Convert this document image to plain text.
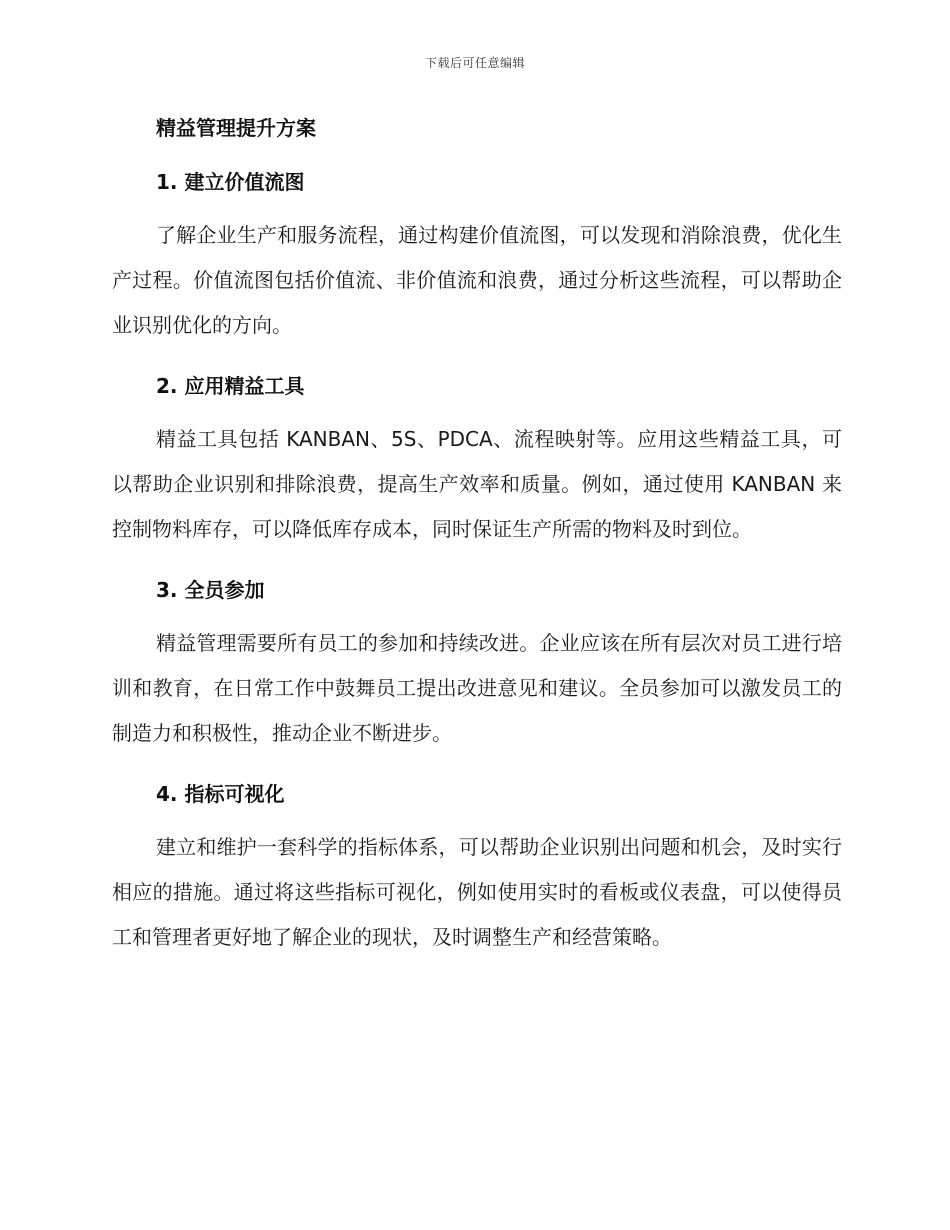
下载后可任意编辑
精益管理提升方案
1. 建立价值流图

了解企业生产和服务流程，通过构建价值流图，可以发现和消除浪费，优化生产过程。价值流图包括价值流、非价值流和浪费，通过分析这些流程，可以帮助企业识别优化的方向。

2. 应用精益工具

精益工具包括 KANBAN、5S、PDCA、流程映射等。应用这些精益工具，可以帮助企业识别和排除浪费，提高生产效率和质量。例如，通过使用 KANBAN 来控制物料库存，可以降低库存成本，同时保证生产所需的物料及时到位。

3. 全员参加

精益管理需要所有员工的参加和持续改进。企业应该在所有层次对员工进行培训和教育，在日常工作中鼓舞员工提出改进意见和建议。全员参加可以激发员工的制造力和积极性，推动企业不断进步。

4. 指标可视化

建立和维护一套科学的指标体系，可以帮助企业识别出问题和机会，及时实行相应的措施。通过将这些指标可视化，例如使用实时的看板或仪表盘，可以使得员工和管理者更好地了解企业的现状，及时调整生产和经营策略。
